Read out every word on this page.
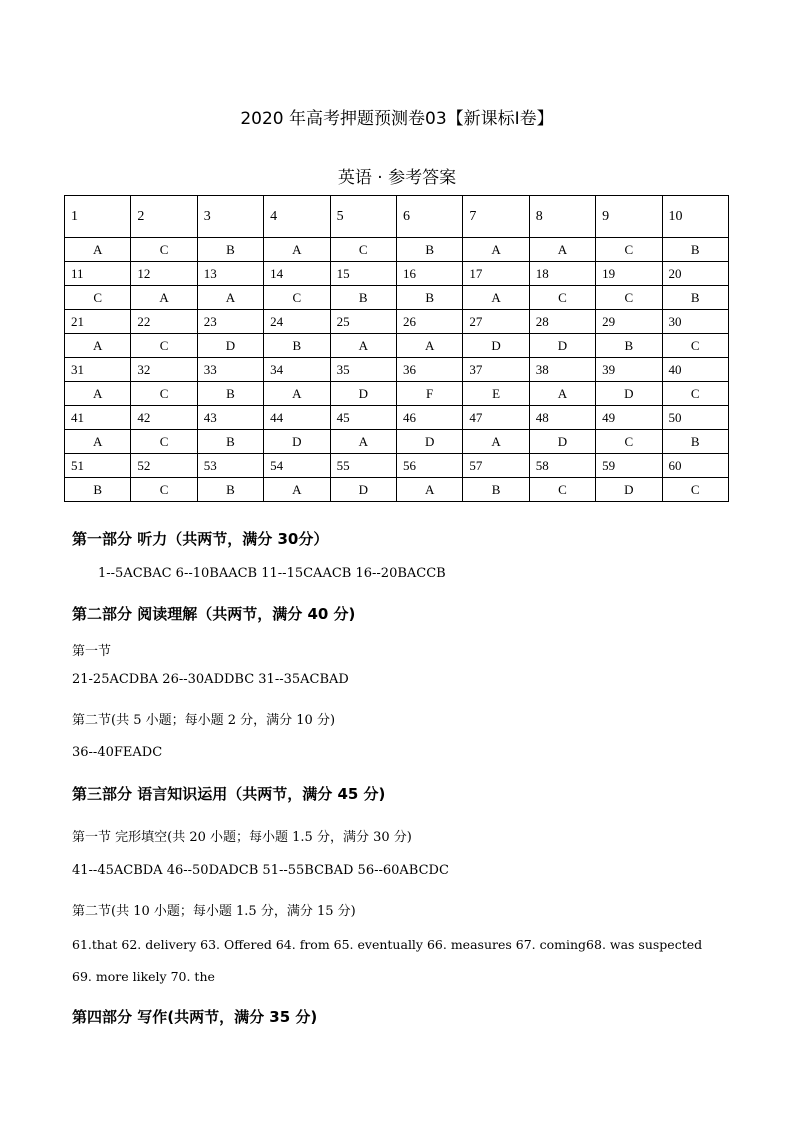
2020 年高考押题预测卷03【新课标Ⅰ卷】
英语 · 参考答案
1	2	3	4	5	6	7	8	9	10
A	C	B	A	C	B	A	A	C	B
11	12	13	14	15	16	17	18	19	20
C	A	A	C	B	B	A	C	C	B
21	22	23	24	25	26	27	28	29	30
A	C	D	B	A	A	D	D	B	C
31	32	33	34	35	36	37	38	39	40
A	C	B	A	D	F	E	A	D	C
41	42	43	44	45	46	47	48	49	50
A	C	B	D	A	D	A	D	C	B
51	52	53	54	55	56	57	58	59	60
B	C	B	A	D	A	B	C	D	C
第一部分 听力（共两节，满分 30分）
1--5ACBAC 6--10BAACB 11--15CAACB 16--20BACCB
第二部分 阅读理解（共两节，满分 40 分)
第一节
21-25ACDBA 26--30ADDBC 31--35ACBAD
第二节(共 5 小题；每小题 2 分，满分 10 分)
36--40FEADC
第三部分 语言知识运用（共两节，满分 45 分)
第一节 完形填空(共 20 小题；每小题 1.5 分，满分 30 分)
41--45ACBDA 46--50DADCB 51--55BCBAD 56--60ABCDC
第二节(共 10 小题；每小题 1.5 分，满分 15 分)
61.that 62. delivery 63. Offered 64. from 65. eventually 66. measures 67. coming68. was suspected
69. more likely 70. the
第四部分 写作(共两节，满分 35 分)
